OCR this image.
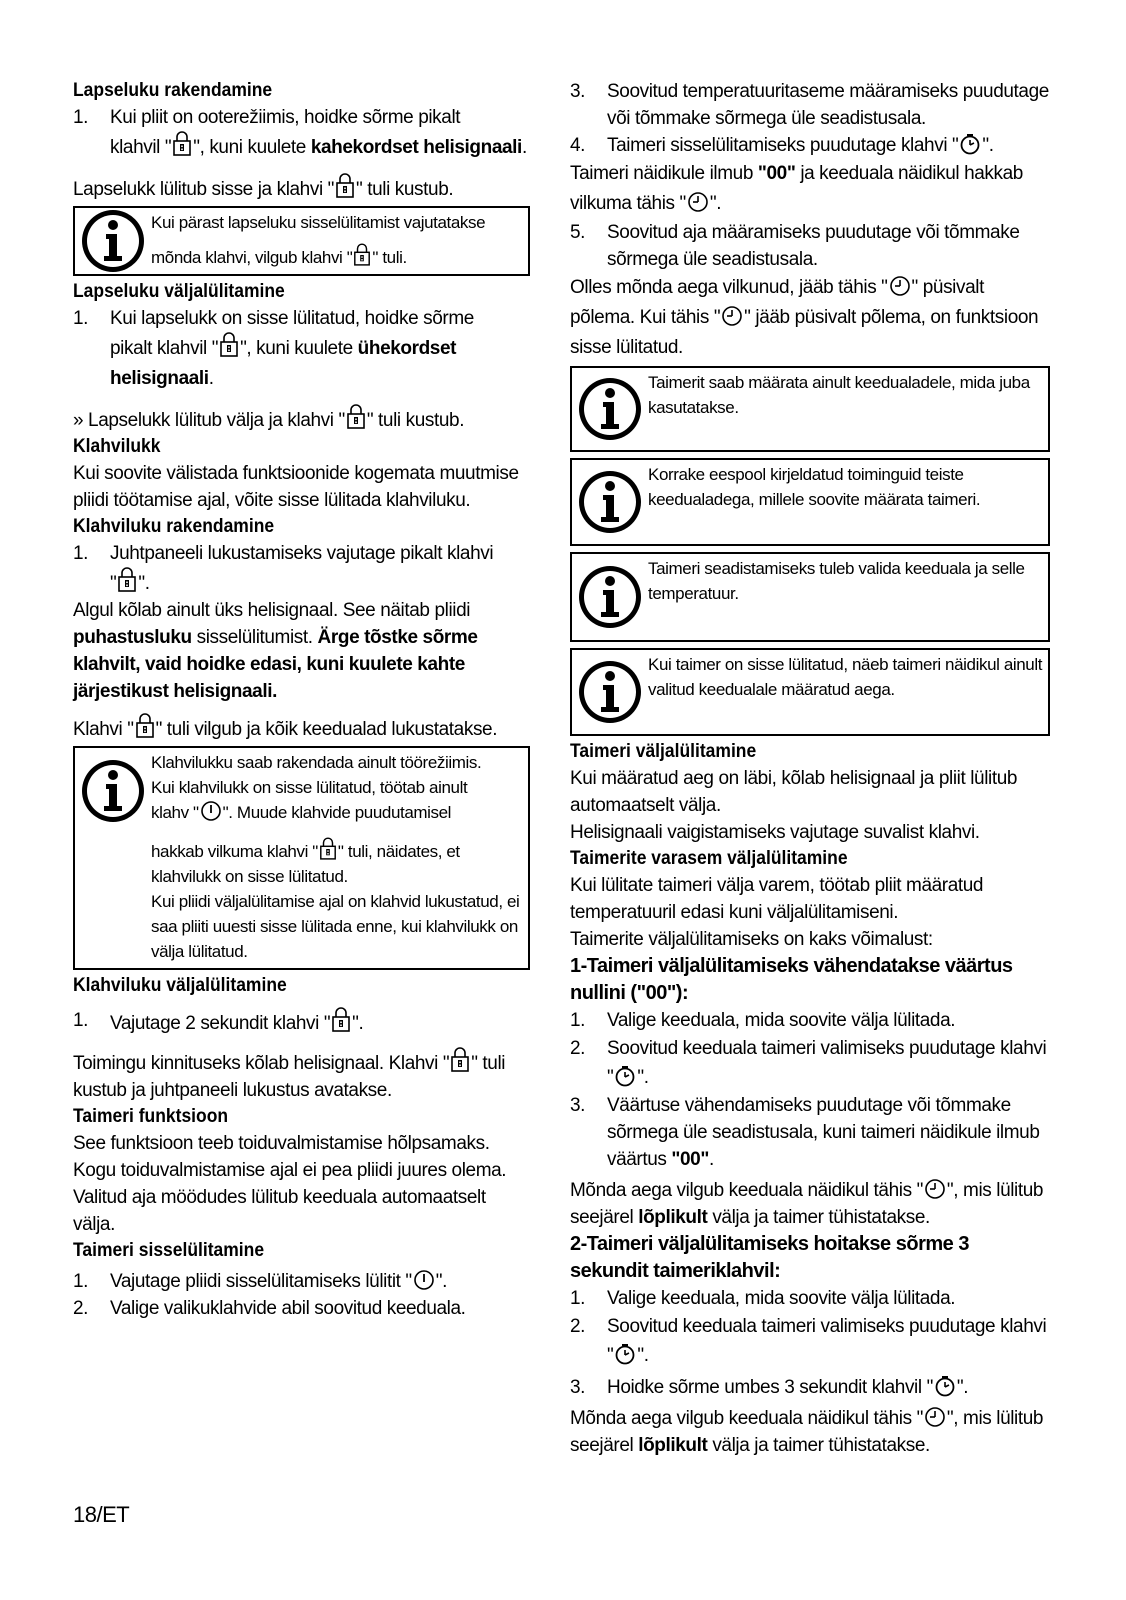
Lapseluku rakendamine
1.	Kui pliit on ooterežiimis, hoidke sõrme pikalt
klahvil " ", kuni kuulete kahekordset helisignaali.
Lapselukk lülitub sisse ja klahvi " " tuli kustub.
Kui pärast lapseluku sisselülitamist vajutatakse
mõnda klahvi, vilgub klahvi " " tuli.
Lapseluku väljalülitamine
1.	Kui lapselukk on sisse lülitatud, hoidke sõrme
pikalt klahvil " ", kuni kuulete ühekordset helisignaali.
» Lapselukk lülitub välja ja klahvi " " tuli kustub.
Klahvilukk
Kui soovite välistada funktsioonide kogemata muutmise pliidi töötamise ajal, võite sisse lülitada klahviluku.
Klahviluku rakendamine
1.	Juhtpaneeli lukustamiseks vajutage pikalt klahvi
" ".
Algul kõlab ainult üks helisignaal. See näitab pliidi puhastusluku sisselülitumist. Ärge tõstke sõrme klahvilt, vaid hoidke edasi, kuni kuulete kahte järjestikust helisignaali.
Klahvi " " tuli vilgub ja kõik keedualad lukustatakse.
Klahvilukku saab rakendada ainult töörežiimis.
Kui klahvilukk on sisse lülitatud, töötab ainult
klahv " ". Muude klahvide puudutamisel
hakkab vilkuma klahvi " " tuli, näidates, et klahvilukk on sisse lülitatud.
Kui pliidi väljalülitamise ajal on klahvid lukustatud, ei saa pliiti uuesti sisse lülitada enne, kui klahvilukk on välja lülitatud.
Klahviluku väljalülitamine
1.	Vajutage 2 sekundit klahvi " ".
Toimingu kinnituseks kõlab helisignaal. Klahvi " " tuli kustub ja juhtpaneeli lukustus avatakse.
Taimeri funktsioon
See funktsioon teeb toiduvalmistamise hõlpsamaks. Kogu toiduvalmistamise ajal ei pea pliidi juures olema. Valitud aja möödudes lülitub keeduala automaatselt välja.
Taimeri sisselülitamine
1.	Vajutage pliidi sisselülitamiseks lülitit " ".
2.	Valige valikuklahvide abil soovitud keeduala.
3.	Soovitud temperatuuritaseme määramiseks puudutage või tõmmake sõrmega üle seadistusala.
4.	Taimeri sisselülitamiseks puudutage klahvi " ".
Taimeri näidikule ilmub "00" ja keeduala näidikul hakkab vilkuma tähis " ".
5.	Soovitud aja määramiseks puudutage või tõmmake sõrmega üle seadistusala.
Olles mõnda aega vilkunud, jääb tähis " " püsivalt põlema. Kui tähis " " jääb püsivalt põlema, on funktsioon sisse lülitatud.
Taimerit saab määrata ainult keedualadele, mida juba kasutatakse.
Korrake eespool kirjeldatud toiminguid teiste keedualadega, millele soovite määrata taimeri.
Taimeri seadistamiseks tuleb valida keeduala ja selle temperatuur.
Kui taimer on sisse lülitatud, näeb taimeri näidikul ainult valitud keedualale määratud aega.
Taimeri väljalülitamine
Kui määratud aeg on läbi, kõlab helisignaal ja pliit lülitub automaatselt välja.
Helisignaali vaigistamiseks vajutage suvalist klahvi.
Taimerite varasem väljalülitamine
Kui lülitate taimeri välja varem, töötab pliit määratud temperatuuril edasi kuni väljalülitamiseni.
Taimerite väljalülitamiseks on kaks võimalust:
1-Taimeri väljalülitamiseks vähendatakse väärtus nullini ("00"):
1.	Valige keeduala, mida soovite välja lülitada.
2.	Soovitud keeduala taimeri valimiseks puudutage klahvi " ".
3.	Väärtuse vähendamiseks puudutage või tõmmake sõrmega üle seadistusala, kuni taimeri näidikule ilmub väärtus "00".
Mõnda aega vilgub keeduala näidikul tähis " ", mis lülitub seejärel lõplikult välja ja taimer tühistatakse.
2-Taimeri väljalülitamiseks hoitakse sõrme 3 sekundit taimeriklahvil:
1.	Valige keeduala, mida soovite välja lülitada.
2.	Soovitud keeduala taimeri valimiseks puudutage klahvi " ".
3.	Hoidke sõrme umbes 3 sekundit klahvil " ".
Mõnda aega vilgub keeduala näidikul tähis " ", mis lülitub seejärel lõplikult välja ja taimer tühistatakse.
18/ET
